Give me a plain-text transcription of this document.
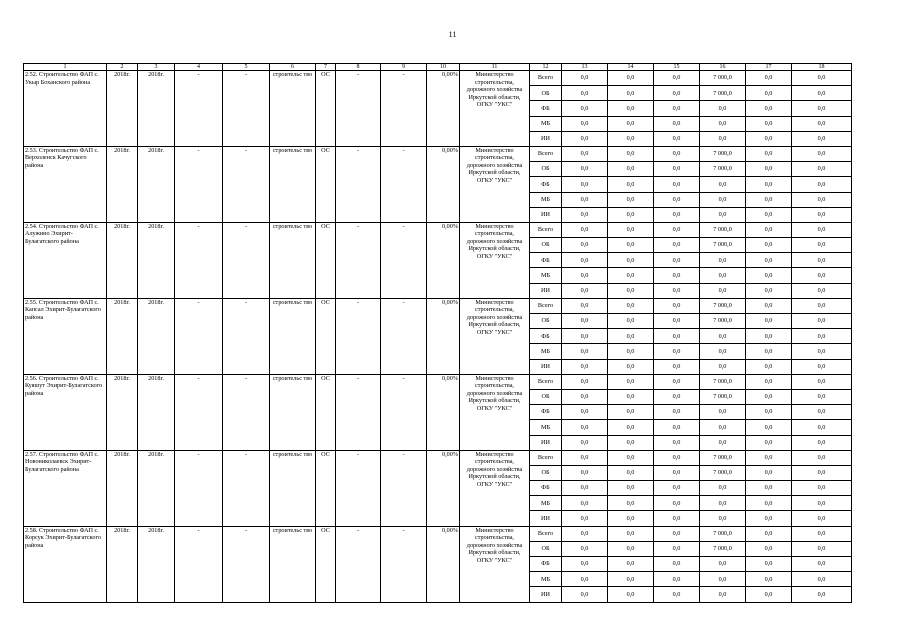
11
1	2	3	4	5	6	7	8	9	10	11	12	13	14	15	16	17	18
2.52. Строительство ФАП с. Укыр Боханского района	2018г.	2018г.	-	-	строительс тво	ОС	-	-	0,00%	Министерство строительства, дорожного хозяйства Иркутской области, ОГКУ "УКС"	Всего	0,0	0,0	0,0	7 000,0	0,0	0,0
											ОБ	0,0	0,0	0,0	7 000,0	0,0	0,0
											ФБ	0,0	0,0	0,0	0,0	0,0	0,0
											МБ	0,0	0,0	0,0	0,0	0,0	0,0
											ИИ	0,0	0,0	0,0	0,0	0,0	0,0
2.53. Строительство ФАП с. Верхоленск Качугского района	2018г.	2018г.	-	-	строительс тво	ОС	-	-	0,00%	Министерство строительства, дорожного хозяйства Иркутской области, ОГКУ "УКС"	Всего	0,0	0,0	0,0	7 000,0	0,0	0,0
											ОБ	0,0	0,0	0,0	7 000,0	0,0	0,0
											ФБ	0,0	0,0	0,0	0,0	0,0	0,0
											МБ	0,0	0,0	0,0	0,0	0,0	0,0
											ИИ	0,0	0,0	0,0	0,0	0,0	0,0
2.54. Строительство ФАП с. Алужино Эхирит-Булагатского района	2018г.	2018г.	-	-	строительс тво	ОС	-	-	0,00%	Министерство строительства, дорожного хозяйства Иркутской области, ОГКУ "УКС"	Всего	0,0	0,0	0,0	7 000,0	0,0	0,0
											ОБ	0,0	0,0	0,0	7 000,0	0,0	0,0
											ФБ	0,0	0,0	0,0	0,0	0,0	0,0
											МБ	0,0	0,0	0,0	0,0	0,0	0,0
											ИИ	0,0	0,0	0,0	0,0	0,0	0,0
2.55. Строительство ФАП с. Капсал Эхирит-Булагатского района	2018г.	2018г.	-	-	строительс тво	ОС	-	-	0,00%	Министерство строительства, дорожного хозяйства Иркутской области, ОГКУ "УКС"	Всего	0,0	0,0	0,0	7 000,0	0,0	0,0
											ОБ	0,0	0,0	0,0	7 000,0	0,0	0,0
											ФБ	0,0	0,0	0,0	0,0	0,0	0,0
											МБ	0,0	0,0	0,0	0,0	0,0	0,0
											ИИ	0,0	0,0	0,0	0,0	0,0	0,0
2.56. Строительство ФАП с. Куяшут Эхирит-Булагатского района	2018г.	2018г.	-	-	строительс тво	ОС	-	-	0,00%	Министерство строительства, дорожного хозяйства Иркутской области, ОГКУ "УКС"	Всего	0,0	0,0	0,0	7 000,0	0,0	0,0
											ОБ	0,0	0,0	0,0	7 000,0	0,0	0,0
											ФБ	0,0	0,0	0,0	0,0	0,0	0,0
											МБ	0,0	0,0	0,0	0,0	0,0	0,0
											ИИ	0,0	0,0	0,0	0,0	0,0	0,0
2.57. Строительство ФАП с. Новониколаевск Эхирит-Булагатского района	2018г.	2018г.	-	-	строительс тво	ОС	-	-	0,00%	Министерство строительства, дорожного хозяйства Иркутской области, ОГКУ "УКС"	Всего	0,0	0,0	0,0	7 000,0	0,0	0,0
											ОБ	0,0	0,0	0,0	7 000,0	0,0	0,0
											ФБ	0,0	0,0	0,0	0,0	0,0	0,0
											МБ	0,0	0,0	0,0	0,0	0,0	0,0
											ИИ	0,0	0,0	0,0	0,0	0,0	0,0
2.58. Строительство ФАП с. Корсук Эхирит-Булагатского района	2018г.	2018г.	-	-	строительс тво	ОС	-	-	0,00%	Министерство строительства, дорожного хозяйства Иркутской области, ОГКУ "УКС"	Всего	0,0	0,0	0,0	7 000,0	0,0	0,0
											ОБ	0,0	0,0	0,0	7 000,0	0,0	0,0
											ФБ	0,0	0,0	0,0	0,0	0,0	0,0
											МБ	0,0	0,0	0,0	0,0	0,0	0,0
											ИИ	0,0	0,0	0,0	0,0	0,0	0,0
